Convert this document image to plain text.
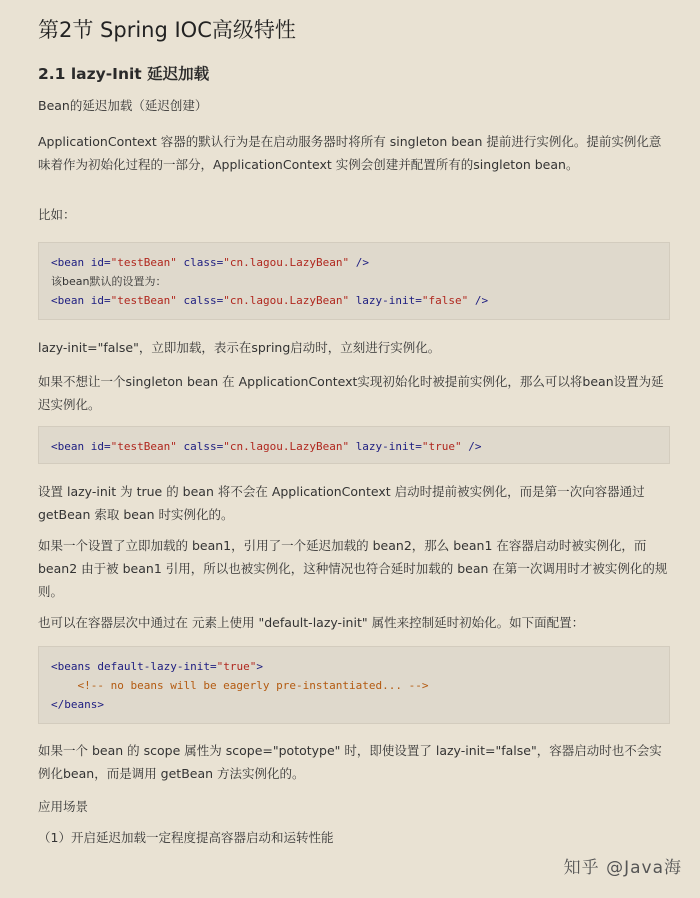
第2节 Spring IOC高级特性
2.1 lazy-Init 延迟加载

Bean的延迟加载（延迟创建）

ApplicationContext 容器的默认行为是在启动服务器时将所有 singleton bean 提前进行实例化。提前实例化意味着作为初始化过程的一部分，ApplicationContext 实例会创建并配置所有的singleton bean。

比如：

<bean id="testBean" class="cn.lagou.LazyBean" />
该bean默认的设置为：
<bean id="testBean" calss="cn.lagou.LazyBean" lazy-init="false" />

lazy-init="false"，立即加载，表示在spring启动时，立刻进行实例化。

如果不想让一个singleton bean 在 ApplicationContext实现初始化时被提前实例化，那么可以将bean设置为延迟实例化。

<bean id="testBean" calss="cn.lagou.LazyBean" lazy-init="true" />

设置 lazy-init 为 true 的 bean 将不会在 ApplicationContext 启动时提前被实例化，而是第一次向容器通过 getBean 索取 bean 时实例化的。

如果一个设置了立即加载的 bean1，引用了一个延迟加载的 bean2，那么 bean1 在容器启动时被实例化，而 bean2 由于被 bean1 引用，所以也被实例化，这种情况也符合延时加载的 bean 在第一次调用时才被实例化的规则。

也可以在容器层次中通过在 元素上使用 "default-lazy-init" 属性来控制延时初始化。如下面配置：

<beans default-lazy-init="true">
<!-- no beans will be eagerly pre-instantiated... -->
</beans>

如果一个 bean 的 scope 属性为 scope="pototype" 时，即使设置了 lazy-init="false"，容器启动时也不会实例化bean，而是调用 getBean 方法实例化的。

应用场景

（1）开启延迟加载一定程度提高容器启动和运转性能

知乎 @Java海
